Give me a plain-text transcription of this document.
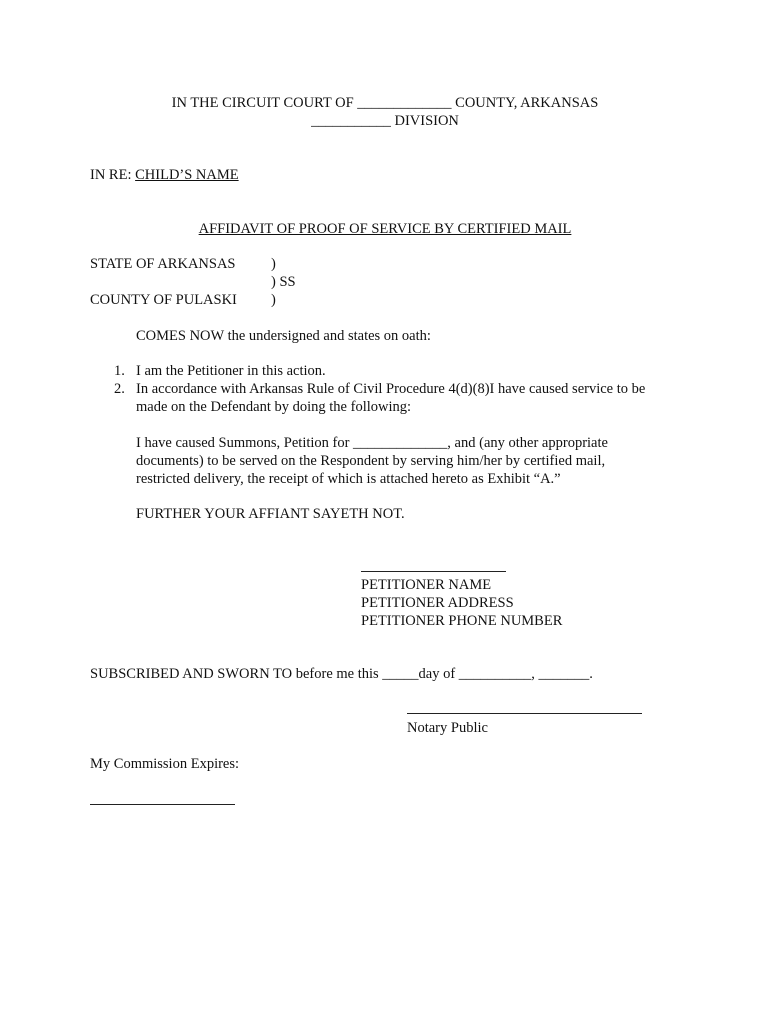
IN THE CIRCUIT COURT OF _____________ COUNTY, ARKANSAS
___________ DIVISION
IN RE: CHILD’S NAME
AFFIDAVIT OF PROOF OF SERVICE BY CERTIFIED MAIL
STATE OF ARKANSAS )
) SS
COUNTY OF PULASKI )
COMES NOW the undersigned and states on oath:
1. I am the Petitioner in this action.
2. In accordance with Arkansas Rule of Civil Procedure 4(d)(8)I have caused service to be
made on the Defendant by doing the following:
I have caused Summons, Petition for _____________, and (any other appropriate
documents) to be served on the Respondent by serving him/her by certified mail,
restricted delivery, the receipt of which is attached hereto as Exhibit “A.”
FURTHER YOUR AFFIANT SAYETH NOT.
PETITIONER NAME
PETITIONER ADDRESS
PETITIONER PHONE NUMBER
SUBSCRIBED AND SWORN TO before me this _____day of __________, _______.
Notary Public
My Commission Expires:
